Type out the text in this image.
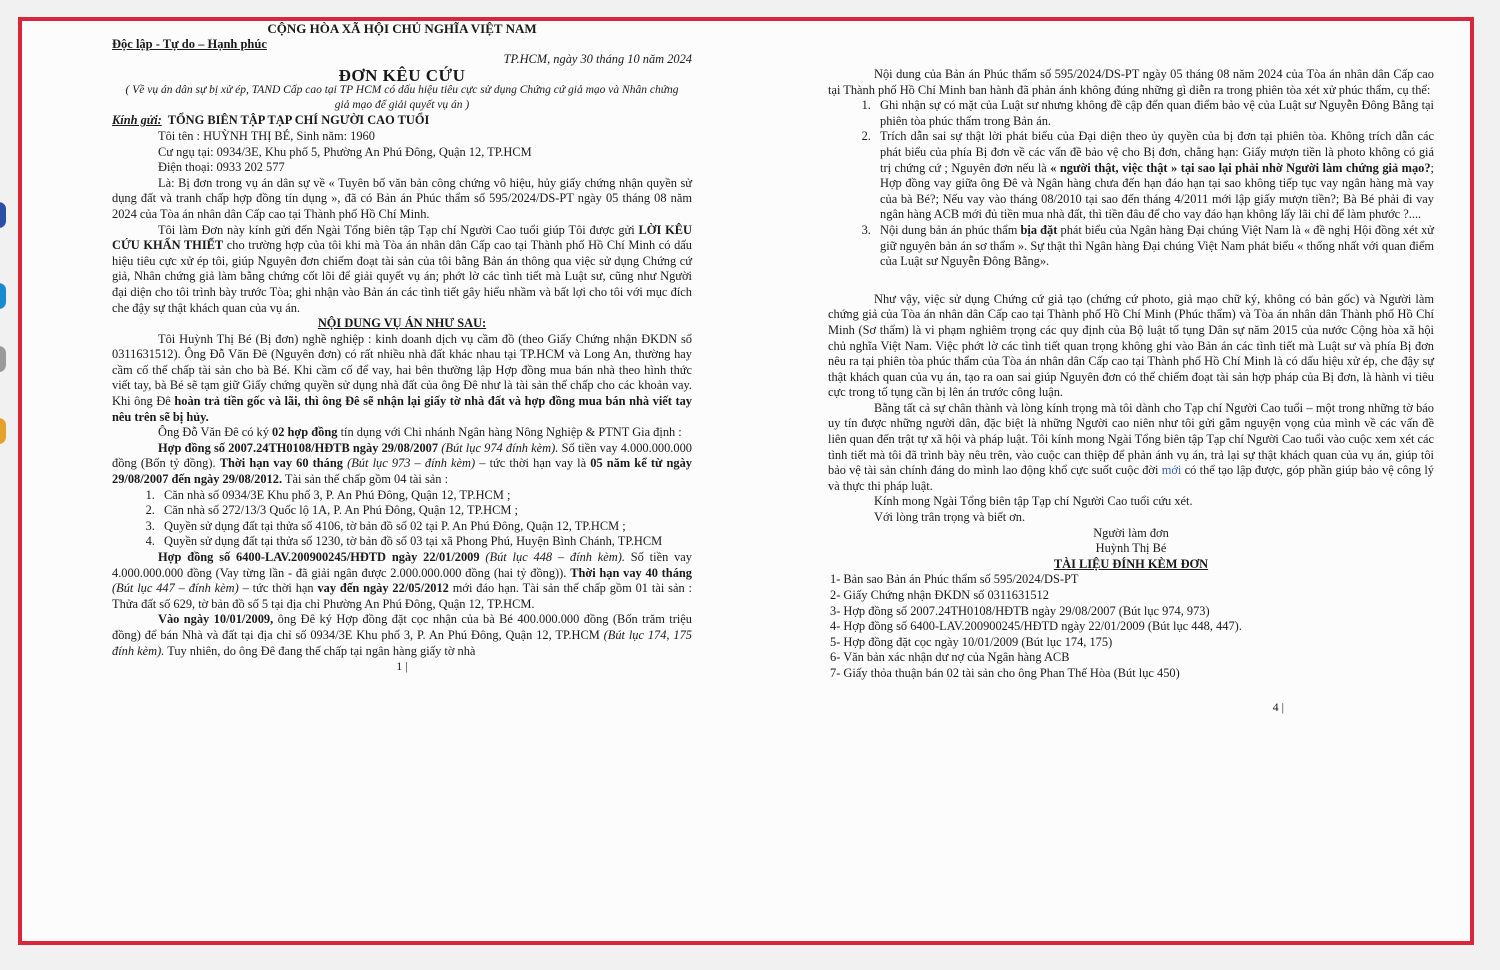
CỘNG HÒA XÃ HỘI CHỦ NGHĨA VIỆT NAM

Độc lập - Tự do – Hạnh phúc

TP.HCM, ngày 30 tháng 10 năm 2024

ĐƠN KÊU CỨU

( Về vụ án dân sự bị xử ép, TAND Cấp cao tại TP HCM có dấu hiệu tiêu cực sử dụng Chứng cứ giả mạo và Nhân chứng giả mạo để giải quyết vụ án )

Kính gửi: TỔNG BIÊN TẬP TẠP CHÍ NGƯỜI CAO TUỔI

Tôi tên : HUỲNH THỊ BÉ, Sinh năm: 1960

Cư ngụ tại: 0934/3E, Khu phố 5, Phường An Phú Đông, Quận 12, TP.HCM

Điện thoại: 0933 202 577

Là: Bị đơn trong vụ án dân sự về « Tuyên bố văn bản công chứng vô hiệu, hủy giấy chứng nhận quyền sử dụng đất và tranh chấp hợp đồng tín dụng », đã có Bản án Phúc thẩm số 595/2024/DS-PT ngày 05 tháng 08 năm 2024 của Tòa án nhân dân Cấp cao tại Thành phố Hồ Chí Minh.

Tôi làm Đơn này kính gửi đến Ngài Tổng biên tập Tạp chí Người Cao tuổi giúp Tôi được gửi LỜI KÊU CỨU KHẨN THIẾT cho trường hợp của tôi khi mà Tòa án nhân dân Cấp cao tại Thành phố Hồ Chí Minh có dấu hiệu tiêu cực xử ép tôi, giúp Nguyên đơn chiếm đoạt tài sản của tôi bằng Bản án thông qua việc sử dụng Chứng cứ giả, Nhân chứng giả làm bằng chứng cốt lõi để giải quyết vụ án; phớt lờ các tình tiết mà Luật sư, cũng như Người đại diện cho tôi trình bày trước Tòa; ghi nhận vào Bản án các tình tiết gây hiểu nhầm và bất lợi cho tôi với mục đích che đậy sự thật khách quan của vụ án.

NỘI DUNG VỤ ÁN NHƯ SAU:

Tôi Huỳnh Thị Bé (Bị đơn) nghề nghiệp : kinh doanh dịch vụ cầm đồ (theo Giấy Chứng nhận ĐKDN số 0311631512). Ông Đỗ Văn Đê (Nguyên đơn) có rất nhiều nhà đất khác nhau tại TP.HCM và Long An, thường hay cầm cố thế chấp tài sản cho bà Bé. Khi cầm cố để vay, hai bên thường lập Hợp đồng mua bán nhà theo hình thức viết tay, bà Bé sẽ tạm giữ Giấy chứng quyền sử dụng nhà đất của ông Đê như là tài sản thế chấp cho các khoản vay. Khi ông Đê hoàn trả tiền gốc và lãi, thì ông Đê sẽ nhận lại giấy tờ nhà đất và hợp đồng mua bán nhà viết tay nêu trên sẽ bị hủy.

Ông Đỗ Văn Đê có ký 02 hợp đồng tín dụng với Chi nhánh Ngân hàng Nông Nghiệp & PTNT Gia định :

Hợp đồng số 2007.24TH0108/HĐTB ngày 29/08/2007 (Bút lục 974 đính kèm). Số tiền vay 4.000.000.000 đồng (Bốn tỷ đồng). Thời hạn vay 60 tháng (Bút lục 973 – đính kèm) – tức thời hạn vay là 05 năm kể từ ngày 29/08/2007 đến ngày 29/08/2012. Tài sản thế chấp gồm 04 tài sản :

1. Căn nhà số 0934/3E Khu phố 3, P. An Phú Đông, Quận 12, TP.HCM ;
2. Căn nhà số 272/13/3 Quốc lộ 1A, P. An Phú Đông, Quận 12, TP.HCM ;
3. Quyền sử dụng đất tại thửa số 4106, tờ bản đồ số 02 tại P. An Phú Đông, Quận 12, TP.HCM ;
4. Quyền sử dụng đất tại thửa số 1230, tờ bản đồ số 03 tại xã Phong Phú, Huyện Bình Chánh, TP.HCM

Hợp đồng số 6400-LAV.200900245/HĐTD ngày 22/01/2009 (Bút lục 448 – đính kèm). Số tiền vay 4.000.000.000 đồng (Vay từng lần - đã giải ngân được 2.000.000.000 đồng (hai tỷ đồng)). Thời hạn vay 40 tháng (Bút lục 447 – đính kèm) – tức thời hạn vay đến ngày 22/05/2012 mới đáo hạn. Tài sản thế chấp gồm 01 tài sản : Thửa đất số 629, tờ bản đồ số 5 tại địa chỉ Phường An Phú Đông, Quận 12, TP.HCM.

Vào ngày 10/01/2009, ông Đê ký Hợp đồng đặt cọc nhận của bà Bé 400.000.000 đồng (Bốn trăm triệu đồng) để bán Nhà và đất tại địa chỉ số 0934/3E Khu phố 3, P. An Phú Đông, Quận 12, TP.HCM (Bút lục 174, 175 đính kèm). Tuy nhiên, do ông Đê đang thế chấp tại ngân hàng giấy tờ nhà

1 |

Nội dung của Bản án Phúc thẩm số 595/2024/DS-PT ngày 05 tháng 08 năm 2024 của Tòa án nhân dân Cấp cao tại Thành phố Hồ Chí Minh ban hành đã phản ánh không đúng những gì diễn ra trong phiên tòa xét xử phúc thẩm, cụ thể:

1. Ghi nhận sự có mặt của Luật sư nhưng không đề cập đến quan điểm bảo vệ của Luật sư Nguyễn Đông Bằng tại phiên tòa phúc thẩm trong Bản án.
2. Trích dẫn sai sự thật lời phát biểu của Đại diện theo ủy quyền của bị đơn tại phiên tòa. Không trích dẫn các phát biểu của phía Bị đơn về các vấn đề bảo vệ cho Bị đơn, chẳng hạn: Giấy mượn tiền là photo không có giá trị chứng cứ ; Nguyên đơn nếu là « người thật, việc thật » tại sao lại phải nhờ Người làm chứng giả mạo?; Hợp đồng vay giữa ông Đê và Ngân hàng chưa đến hạn đáo hạn tại sao không tiếp tục vay ngân hàng mà vay của bà Bé?; Nếu vay vào tháng 08/2010 tại sao đến tháng 4/2011 mới lập giấy mượn tiền?; Bà Bé phải đi vay ngân hàng ACB mới đủ tiền mua nhà đất, thì tiền đâu để cho vay đáo hạn không lấy lãi chỉ để làm phước ?....
3. Nội dung bản án phúc thẩm bịa đặt phát biểu của Ngân hàng Đại chúng Việt Nam là « đề nghị Hội đồng xét xử giữ nguyên bản án sơ thẩm ». Sự thật thì Ngân hàng Đại chúng Việt Nam phát biểu « thống nhất với quan điểm của Luật sư Nguyễn Đông Bằng».

Như vậy, việc sử dụng Chứng cứ giả tạo (chứng cứ photo, giả mạo chữ ký, không có bản gốc) và Người làm chứng giả của Tòa án nhân dân Cấp cao tại Thành phố Hồ Chí Minh (Phúc thẩm) và Tòa án nhân dân Thành phố Hồ Chí Minh (Sơ thẩm) là vi phạm nghiêm trọng các quy định của Bộ luật tố tụng Dân sự năm 2015 của nước Cộng hòa xã hội chủ nghĩa Việt Nam. Việc phớt lờ các tình tiết quan trọng không ghi vào Bản án các tình tiết mà Luật sư và phía Bị đơn nêu ra tại phiên tòa phúc thẩm của Tòa án nhân dân Cấp cao tại Thành phố Hồ Chí Minh là có dấu hiệu xử ép, che đậy sự thật khách quan của vụ án, tạo ra oan sai giúp Nguyên đơn có thể chiếm đoạt tài sản hợp pháp của Bị đơn, là hành vi tiêu cực trong tố tụng cần bị lên án trước công luận.

Bằng tất cả sự chân thành và lòng kính trọng mà tôi dành cho Tạp chí Người Cao tuổi – một trong những tờ báo uy tín được những người dân, đặc biệt là những Người cao niên như tôi gửi gắm nguyện vọng của mình về các vấn đề liên quan đến trật tự xã hội và pháp luật. Tôi kính mong Ngài Tổng biên tập Tạp chí Người Cao tuổi vào cuộc xem xét các tình tiết mà tôi đã trình bày nêu trên, vào cuộc can thiệp để phản ánh vụ án, trả lại sự thật khách quan của vụ án, giúp tôi bảo vệ tài sản chính đáng do mình lao động khổ cực suốt cuộc đời mới có thể tạo lập được, góp phần giúp bảo vệ công lý và thực thi pháp luật.

Kính mong Ngài Tổng biên tập Tạp chí Người Cao tuổi cứu xét.

Với lòng trân trọng và biết ơn.

Người làm đơn

Huỳnh Thị Bé

TÀI LIỆU ĐÍNH KÈM ĐƠN

1- Bản sao Bản án Phúc thẩm số 595/2024/DS-PT
2- Giấy Chứng nhận ĐKDN số 0311631512
3- Hợp đồng số 2007.24TH0108/HĐTB ngày 29/08/2007 (Bút lục 974, 973)
4- Hợp đồng số 6400-LAV.200900245/HĐTD ngày 22/01/2009 (Bút lục 448, 447).
5- Hợp đồng đặt cọc ngày 10/01/2009 (Bút lục 174, 175)
6- Văn bản xác nhận dư nợ của Ngân hàng ACB
7- Giấy thỏa thuận bán 02 tài sản cho ông Phan Thế Hòa (Bút lục 450)

4 |
